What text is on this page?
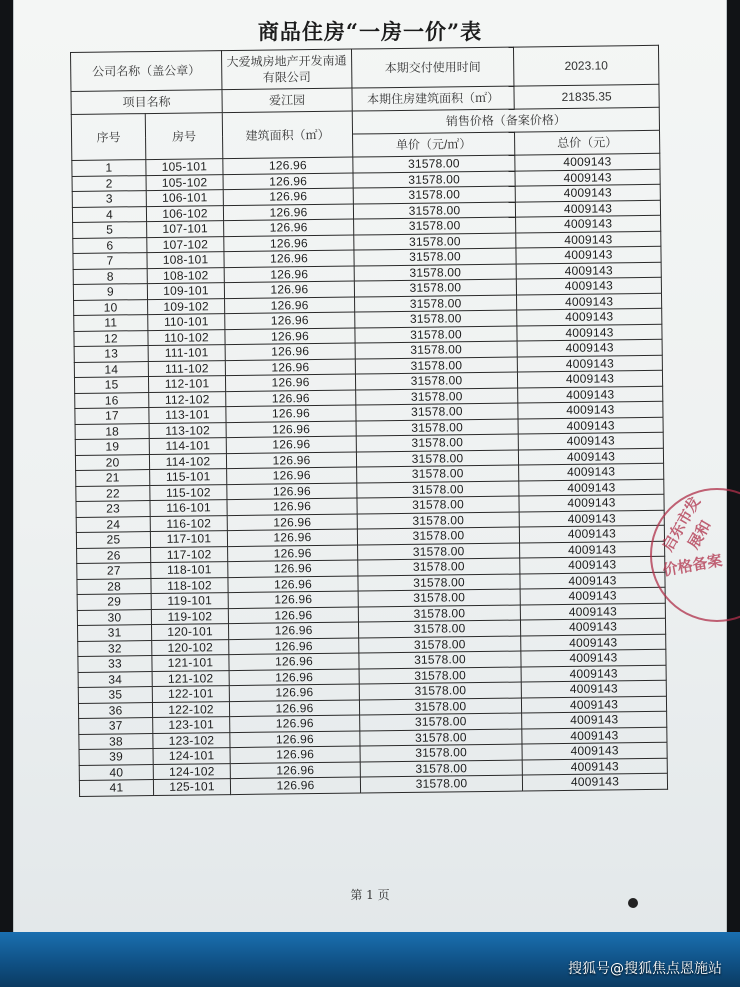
商品住房“一房一价”表
公司名称（盖公章）		大爱城房地产开发南通有限公司	本期交付使用时间	2023.10
项目名称		爱江园	本期住房建筑面积（㎡）	21835.35
序号	房号	建筑面积（㎡）	销售价格（备案价格）	
			单价（元/㎡）	总价（元）
1	105-101	126.96	31578.00	4009143
2	105-102	126.96	31578.00	4009143
3	106-101	126.96	31578.00	4009143
4	106-102	126.96	31578.00	4009143
5	107-101	126.96	31578.00	4009143
6	107-102	126.96	31578.00	4009143
7	108-101	126.96	31578.00	4009143
8	108-102	126.96	31578.00	4009143
9	109-101	126.96	31578.00	4009143
10	109-102	126.96	31578.00	4009143
11	110-101	126.96	31578.00	4009143
12	110-102	126.96	31578.00	4009143
13	111-101	126.96	31578.00	4009143
14	111-102	126.96	31578.00	4009143
15	112-101	126.96	31578.00	4009143
16	112-102	126.96	31578.00	4009143
17	113-101	126.96	31578.00	4009143
18	113-102	126.96	31578.00	4009143
19	114-101	126.96	31578.00	4009143
20	114-102	126.96	31578.00	4009143
21	115-101	126.96	31578.00	4009143
22	115-102	126.96	31578.00	4009143
23	116-101	126.96	31578.00	4009143
24	116-102	126.96	31578.00	4009143
25	117-101	126.96	31578.00	4009143
26	117-102	126.96	31578.00	4009143
27	118-101	126.96	31578.00	4009143
28	118-102	126.96	31578.00	4009143
29	119-101	126.96	31578.00	4009143
30	119-102	126.96	31578.00	4009143
31	120-101	126.96	31578.00	4009143
32	120-102	126.96	31578.00	4009143
33	121-101	126.96	31578.00	4009143
34	121-102	126.96	31578.00	4009143
35	122-101	126.96	31578.00	4009143
36	122-102	126.96	31578.00	4009143
37	123-101	126.96	31578.00	4009143
38	123-102	126.96	31578.00	4009143
39	124-101	126.96	31578.00	4009143
40	124-102	126.96	31578.00	4009143
41	125-101	126.96	31578.00	4009143
第 1 页
启东市发展和
价格备案
搜狐号@搜狐焦点恩施站
